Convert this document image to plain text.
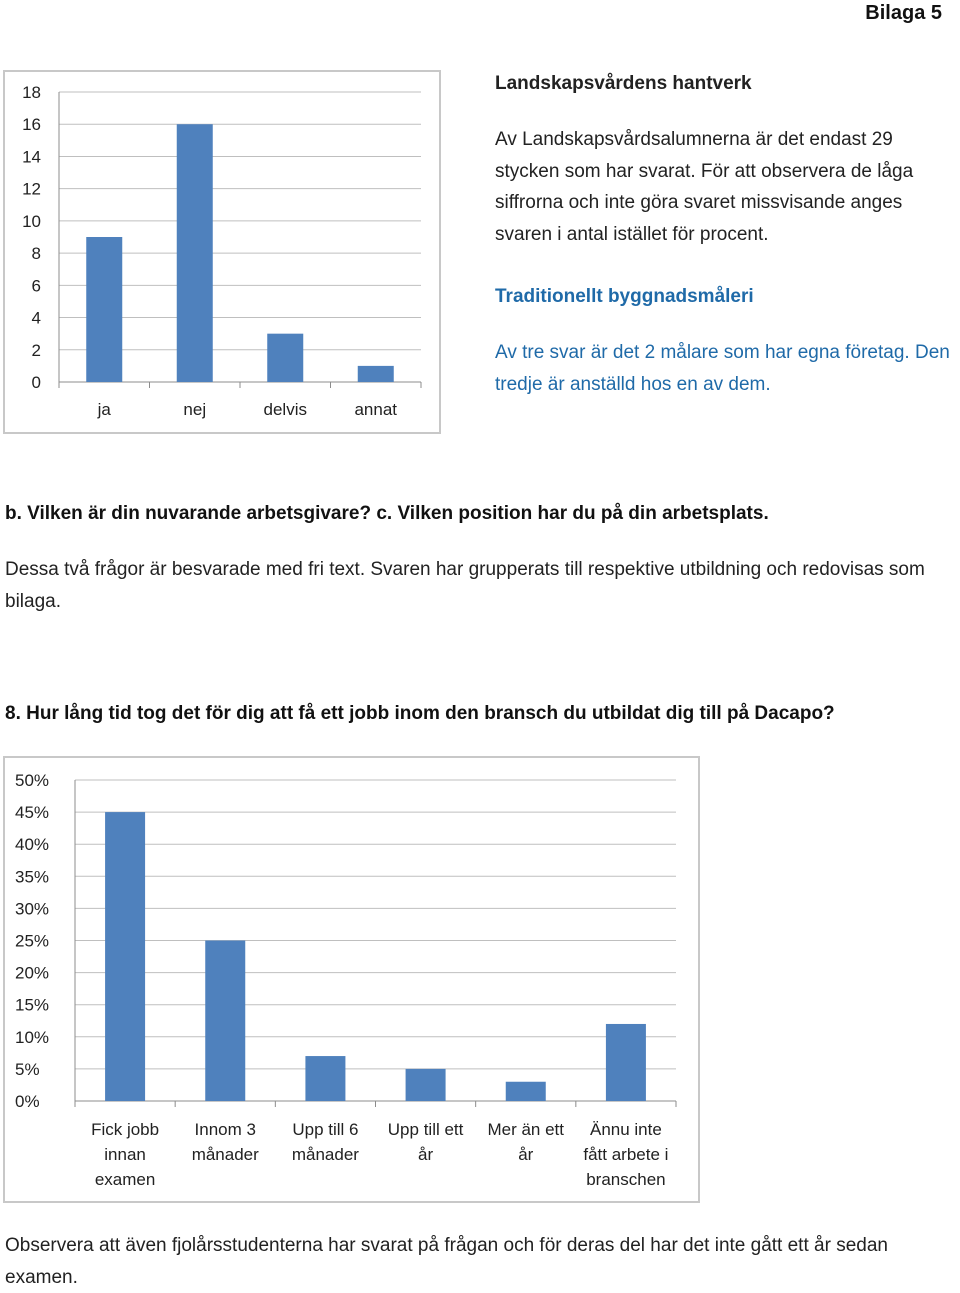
Bilaga 5
0
2
4
6
8
10
12
14
16
18
ja	nej	delvis	annat
Landskapsvårdens hantverk
Av Landskapsvårdsalumnerna är det endast 29 stycken som har svarat. För att observera de låga siffrorna och inte göra svaret missvisande anges svaren i antal istället för procent.
Traditionellt byggnadsmåleri
Av tre svar är det 2 målare som har egna företag. Den tredje är anställd hos en av dem.
b. Vilken är din nuvarande arbetsgivare? c. Vilken position har du på din arbetsplats.
Dessa två frågor är besvarade med fri text. Svaren har grupperats till respektive utbildning och redovisas som bilaga.
8. Hur lång tid tog det för dig att få ett jobb inom den bransch du utbildat dig till på Dacapo?
0%
5%
10%
15%
20%
25%
30%
35%
40%
45%
50%
Fick jobb
innan
examen
Innom 3
månader
Upp till 6
månader
Upp till ett
år
Mer än ett
år
Ännu inte
fått arbete i
branschen
Observera att även fjolårsstudenterna har svarat på frågan och för deras del har det inte gått ett år sedan examen.
